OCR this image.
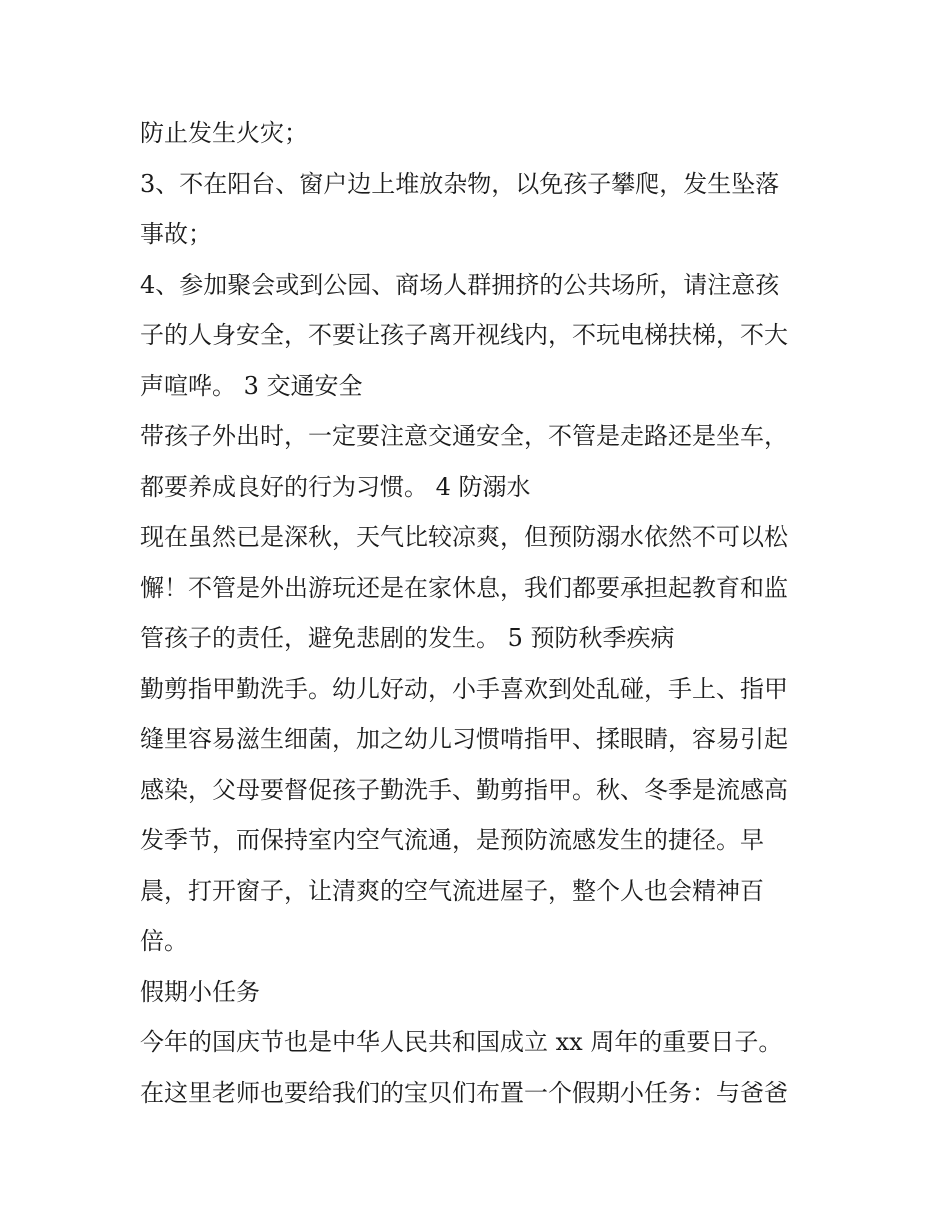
防止发生火灾；
3、不在阳台、窗户边上堆放杂物，以免孩子攀爬，发生坠落
事故；
4、参加聚会或到公园、商场人群拥挤的公共场所，请注意孩
子的人身安全，不要让孩子离开视线内，不玩电梯扶梯，不大
声喧哗。 3 交通安全
带孩子外出时，一定要注意交通安全，不管是走路还是坐车，
都要养成良好的行为习惯。 4 防溺水
现在虽然已是深秋，天气比较凉爽，但预防溺水依然不可以松
懈！不管是外出游玩还是在家休息，我们都要承担起教育和监
管孩子的责任，避免悲剧的发生。 5 预防秋季疾病
勤剪指甲勤洗手。幼儿好动，小手喜欢到处乱碰，手上、指甲
缝里容易滋生细菌，加之幼儿习惯啃指甲、揉眼睛，容易引起
感染，父母要督促孩子勤洗手、勤剪指甲。秋、冬季是流感高
发季节，而保持室内空气流通，是预防流感发生的捷径。早
晨，打开窗子，让清爽的空气流进屋子，整个人也会精神百
倍。
假期小任务
今年的国庆节也是中华人民共和国成立 xx 周年的重要日子。
在这里老师也要给我们的宝贝们布置一个假期小任务：与爸爸
